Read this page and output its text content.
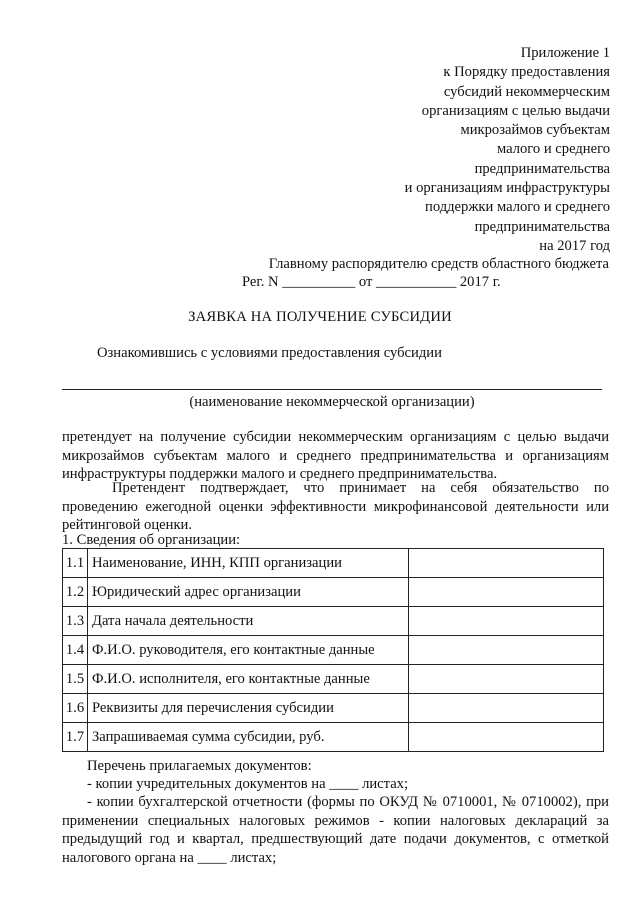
Приложение 1
к Порядку предоставления
субсидий некоммерческим
организациям с целью выдачи
микрозаймов субъектам
малого и среднего
предпринимательства
и организациям инфраструктуры
поддержки малого и среднего
предпринимательства
на 2017 год
Главному распорядителю средств областного бюджета
Рег. N __________ от ___________ 2017 г.
ЗАЯВКА НА ПОЛУЧЕНИЕ СУБСИДИИ
Ознакомившись с условиями предоставления субсидии
(наименование некоммерческой организации)
претендует на получение субсидии некоммерческим организациям с целью выдачи микрозаймов субъектам малого и среднего предпринимательства и организациям инфраструктуры поддержки малого и среднего предпринимательства.
Претендент подтверждает, что принимает на себя обязательство по проведению ежегодной оценки эффективности микрофинансовой деятельности или рейтинговой оценки.
1. Сведения об организации:
1.1	Наименование, ИНН, КПП организации	
1.2	Юридический адрес организации	
1.3	Дата начала деятельности	
1.4	Ф.И.О. руководителя, его контактные данные	
1.5	Ф.И.О. исполнителя, его контактные данные	
1.6	Реквизиты для перечисления субсидии	
1.7	Запрашиваемая сумма субсидии, руб.	
Перечень прилагаемых документов:
- копии учредительных документов на ____ листах;
- копии бухгалтерской отчетности (формы по ОКУД № 0710001, № 0710002), при применении специальных налоговых режимов - копии налоговых деклараций за предыдущий год и квартал, предшествующий дате подачи документов, с отметкой налогового органа на ____ листах;
